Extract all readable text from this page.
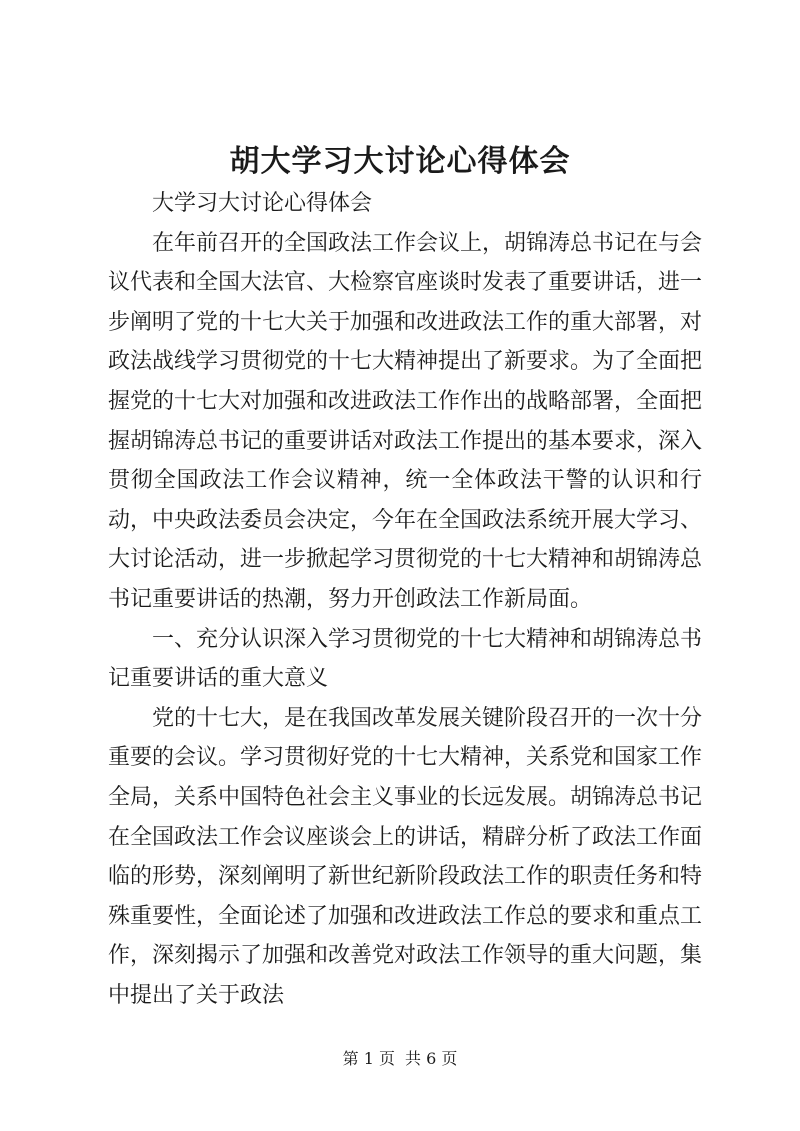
胡大学习大讨论心得体会

大学习大讨论心得体会

在年前召开的全国政法工作会议上，胡锦涛总书记在与会议代表和全国大法官、大检察官座谈时发表了重要讲话，进一步阐明了党的十七大关于加强和改进政法工作的重大部署，对政法战线学习贯彻党的十七大精神提出了新要求。为了全面把握党的十七大对加强和改进政法工作作出的战略部署，全面把握胡锦涛总书记的重要讲话对政法工作提出的基本要求，深入贯彻全国政法工作会议精神，统一全体政法干警的认识和行动，中央政法委员会决定，今年在全国政法系统开展大学习、大讨论活动，进一步掀起学习贯彻党的十七大精神和胡锦涛总书记重要讲话的热潮，努力开创政法工作新局面。

一、充分认识深入学习贯彻党的十七大精神和胡锦涛总书记重要讲话的重大意义

党的十七大，是在我国改革发展关键阶段召开的一次十分重要的会议。学习贯彻好党的十七大精神，关系党和国家工作全局，关系中国特色社会主义事业的长远发展。胡锦涛总书记在全国政法工作会议座谈会上的讲话，精辟分析了政法工作面临的形势，深刻阐明了新世纪新阶段政法工作的职责任务和特殊重要性，全面论述了加强和改进政法工作总的要求和重点工作，深刻揭示了加强和改善党对政法工作领导的重大问题，集中提出了关于政法

第 1 页 共 6 页
